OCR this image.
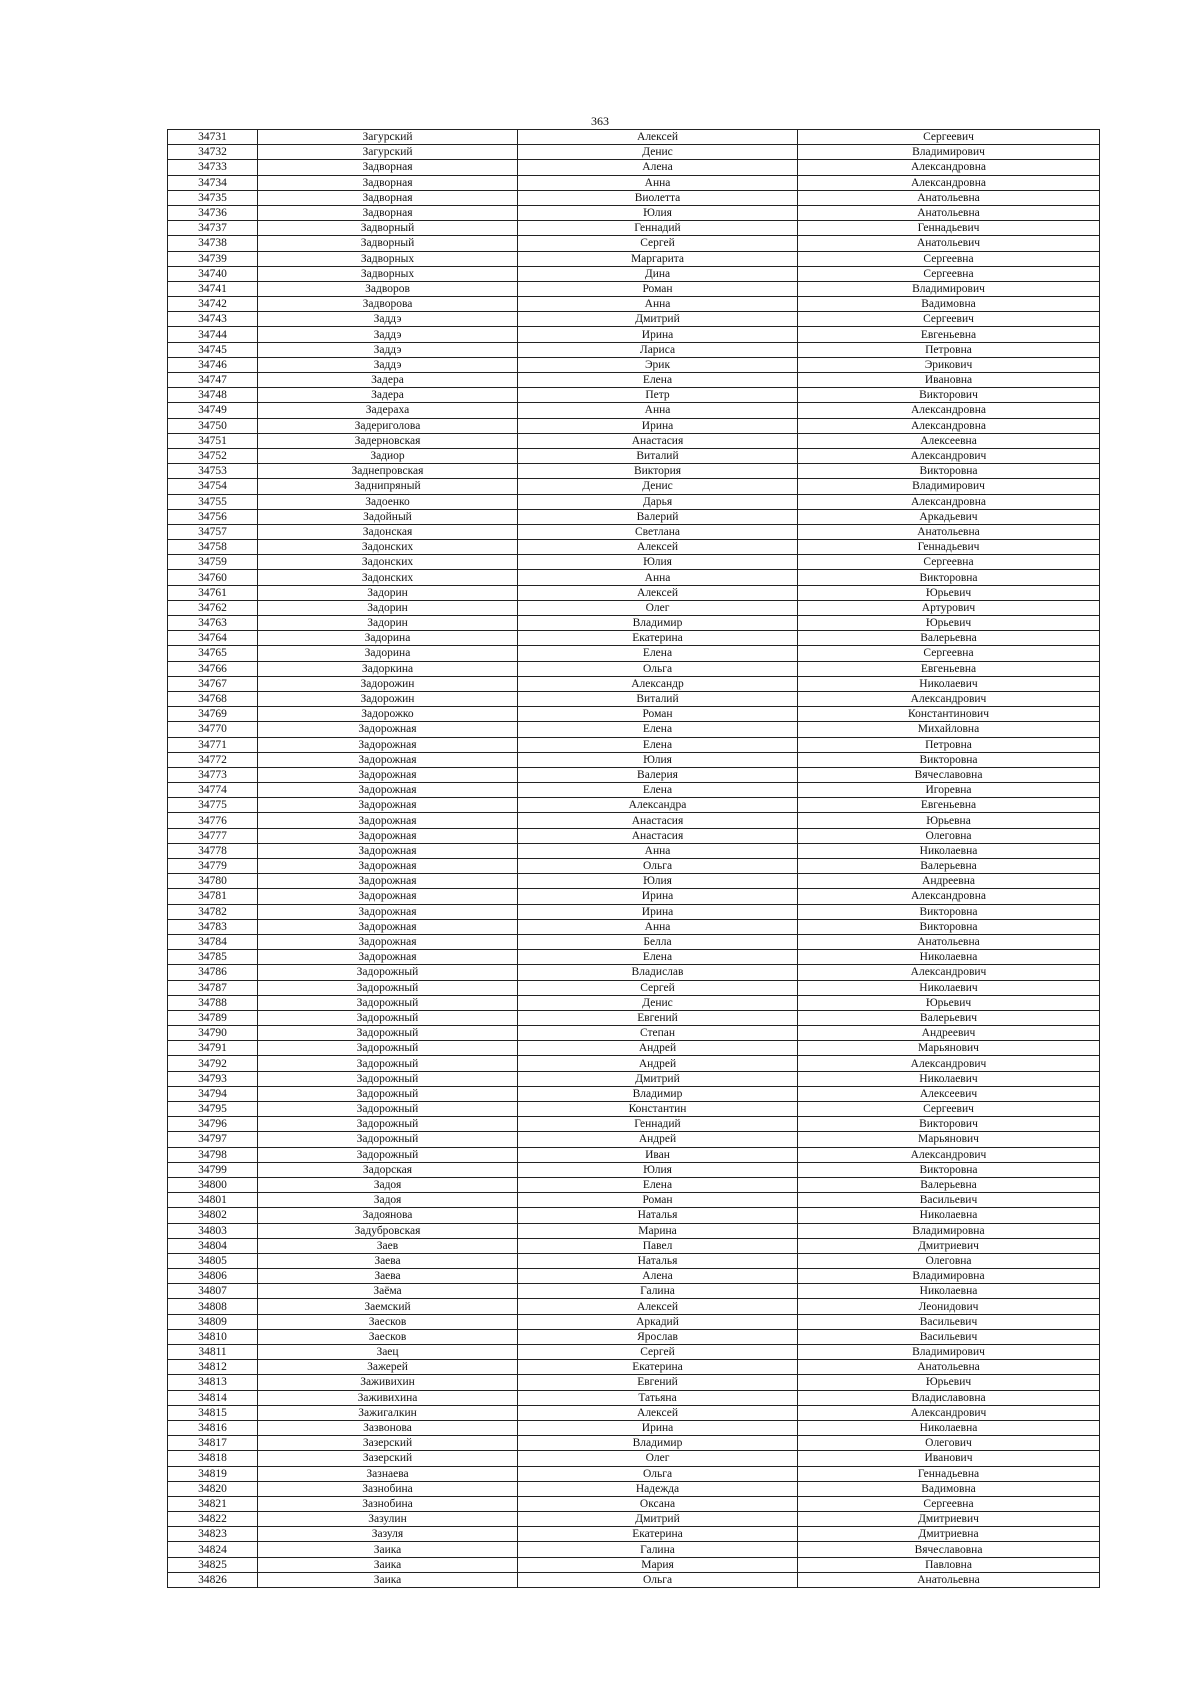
363
34731	Загурский	Алексей	Сергеевич
34732	Загурский	Денис	Владимирович
34733	Задворная	Алена	Александровна
34734	Задворная	Анна	Александровна
34735	Задворная	Виолетта	Анатольевна
34736	Задворная	Юлия	Анатольевна
34737	Задворный	Геннадий	Геннадьевич
34738	Задворный	Сергей	Анатольевич
34739	Задворных	Маргарита	Сергеевна
34740	Задворных	Дина	Сергеевна
34741	Задворов	Роман	Владимирович
34742	Задворова	Анна	Вадимовна
34743	Заддэ	Дмитрий	Сергеевич
34744	Заддэ	Ирина	Евгеньевна
34745	Заддэ	Лариса	Петровна
34746	Заддэ	Эрик	Эрикович
34747	Задера	Елена	Ивановна
34748	Задера	Петр	Викторович
34749	Задераха	Анна	Александровна
34750	Задериголова	Ирина	Александровна
34751	Задерновская	Анастасия	Алексеевна
34752	Задиор	Виталий	Александрович
34753	Заднепровская	Виктория	Викторовна
34754	Заднипряный	Денис	Владимирович
34755	Задоенко	Дарья	Александровна
34756	Задойный	Валерий	Аркадьевич
34757	Задонская	Светлана	Анатольевна
34758	Задонских	Алексей	Геннадьевич
34759	Задонских	Юлия	Сергеевна
34760	Задонских	Анна	Викторовна
34761	Задорин	Алексей	Юрьевич
34762	Задорин	Олег	Артурович
34763	Задорин	Владимир	Юрьевич
34764	Задорина	Екатерина	Валерьевна
34765	Задорина	Елена	Сергеевна
34766	Задоркина	Ольга	Евгеньевна
34767	Задорожин	Александр	Николаевич
34768	Задорожин	Виталий	Александрович
34769	Задорожко	Роман	Константинович
34770	Задорожная	Елена	Михайловна
34771	Задорожная	Елена	Петровна
34772	Задорожная	Юлия	Викторовна
34773	Задорожная	Валерия	Вячеславовна
34774	Задорожная	Елена	Игоревна
34775	Задорожная	Александра	Евгеньевна
34776	Задорожная	Анастасия	Юрьевна
34777	Задорожная	Анастасия	Олеговна
34778	Задорожная	Анна	Николаевна
34779	Задорожная	Ольга	Валерьевна
34780	Задорожная	Юлия	Андреевна
34781	Задорожная	Ирина	Александровна
34782	Задорожная	Ирина	Викторовна
34783	Задорожная	Анна	Викторовна
34784	Задорожная	Белла	Анатольевна
34785	Задорожная	Елена	Николаевна
34786	Задорожный	Владислав	Александрович
34787	Задорожный	Сергей	Николаевич
34788	Задорожный	Денис	Юрьевич
34789	Задорожный	Евгений	Валерьевич
34790	Задорожный	Степан	Андреевич
34791	Задорожный	Андрей	Марьянович
34792	Задорожный	Андрей	Александрович
34793	Задорожный	Дмитрий	Николаевич
34794	Задорожный	Владимир	Алексеевич
34795	Задорожный	Константин	Сергеевич
34796	Задорожный	Геннадий	Викторович
34797	Задорожный	Андрей	Марьянович
34798	Задорожный	Иван	Александрович
34799	Задорская	Юлия	Викторовна
34800	Задоя	Елена	Валерьевна
34801	Задоя	Роман	Васильевич
34802	Задоянова	Наталья	Николаевна
34803	Задубровская	Марина	Владимировна
34804	Заев	Павел	Дмитриевич
34805	Заева	Наталья	Олеговна
34806	Заева	Алена	Владимировна
34807	Заёма	Галина	Николаевна
34808	Заемский	Алексей	Леонидович
34809	Заесков	Аркадий	Васильевич
34810	Заесков	Ярослав	Васильевич
34811	Заец	Сергей	Владимирович
34812	Зажерей	Екатерина	Анатольевна
34813	Заживихин	Евгений	Юрьевич
34814	Заживихина	Татьяна	Владиславовна
34815	Зажигалкин	Алексей	Александрович
34816	Зазвонова	Ирина	Николаевна
34817	Зазерский	Владимир	Олегович
34818	Зазерский	Олег	Иванович
34819	Зазнаева	Ольга	Геннадьевна
34820	Зазнобина	Надежда	Вадимовна
34821	Зазнобина	Оксана	Сергеевна
34822	Зазулин	Дмитрий	Дмитриевич
34823	Зазуля	Екатерина	Дмитриевна
34824	Заика	Галина	Вячеславовна
34825	Заика	Мария	Павловна
34826	Заика	Ольга	Анатольевна
